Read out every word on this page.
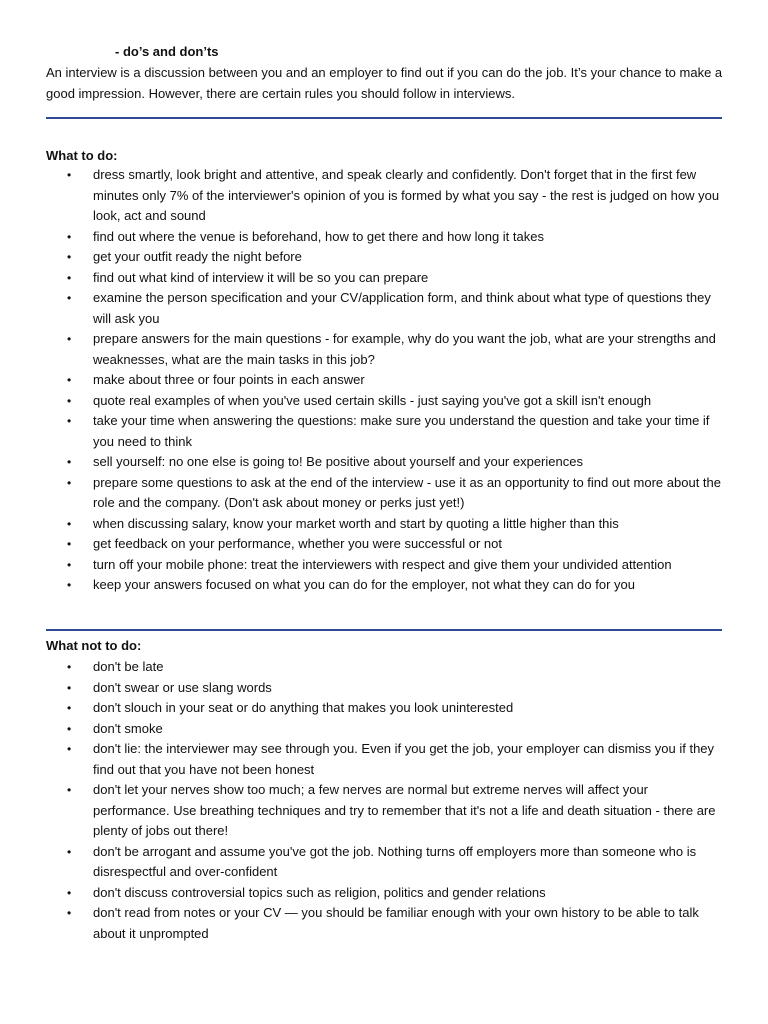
- do’s and don’ts
An interview is a discussion between you and an employer to find out if you can do the job. It’s your chance to make a good impression. However, there are certain rules you should follow in interviews.
What to do:
• dress smartly, look bright and attentive, and speak clearly and confidently. Don't forget that in the first few minutes only 7% of the interviewer's opinion of you is formed by what you say - the rest is judged on how you look, act and sound
• find out where the venue is beforehand, how to get there and how long it takes
• get your outfit ready the night before
• find out what kind of interview it will be so you can prepare
• examine the person specification and your CV/application form, and think about what type of questions they will ask you
• prepare answers for the main questions - for example, why do you want the job, what are your strengths and weaknesses, what are the main tasks in this job?
• make about three or four points in each answer
• quote real examples of when you've used certain skills - just saying you've got a skill isn't enough
• take your time when answering the questions: make sure you understand the question and take your time if you need to think
• sell yourself: no one else is going to! Be positive about yourself and your experiences
• prepare some questions to ask at the end of the interview - use it as an opportunity to find out more about the role and the company. (Don't ask about money or perks just yet!)
• when discussing salary, know your market worth and start by quoting a little higher than this
• get feedback on your performance, whether you were successful or not
• turn off your mobile phone: treat the interviewers with respect and give them your undivided attention
• keep your answers focused on what you can do for the employer, not what they can do for you
What not to do:
• don't be late
• don't swear or use slang words
• don't slouch in your seat or do anything that makes you look uninterested
• don't smoke
• don't lie: the interviewer may see through you. Even if you get the job, your employer can dismiss you if they find out that you have not been honest
• don't let your nerves show too much; a few nerves are normal but extreme nerves will affect your performance. Use breathing techniques and try to remember that it's not a life and death situation - there are plenty of jobs out there!
• don't be arrogant and assume you've got the job. Nothing turns off employers more than someone who is disrespectful and over-confident
• don't discuss controversial topics such as religion, politics and gender relations
• don't read from notes or your CV — you should be familiar enough with your own history to be able to talk about it unprompted
